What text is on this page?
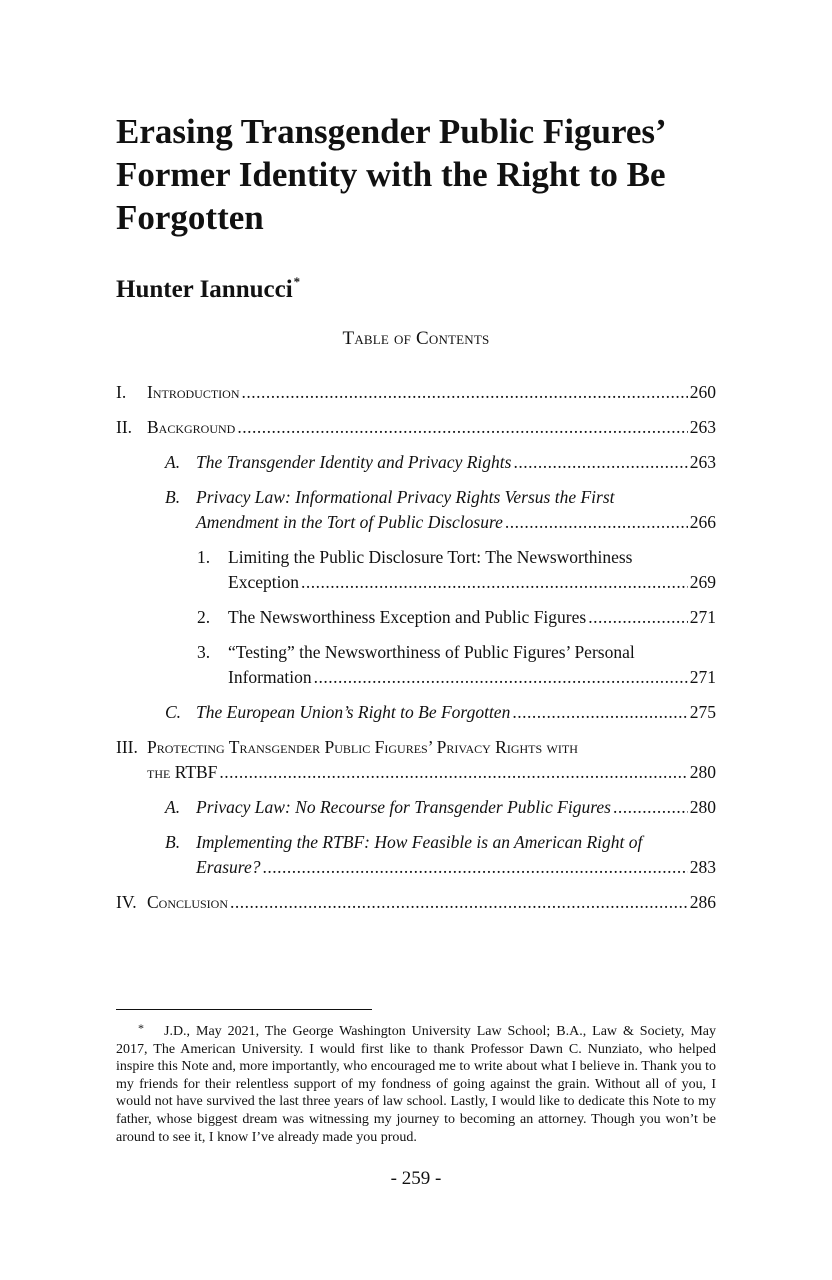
Erasing Transgender Public Figures’ Former Identity with the Right to Be Forgotten
Hunter Iannucci*
Table of Contents
I. Introduction .....	260
II. Background .....	263
A. The Transgender Identity and Privacy Rights .....	263
B. Privacy Law: Informational Privacy Rights Versus the First
Amendment in the Tort of Public Disclosure .....	266
1. Limiting the Public Disclosure Tort: The Newsworthiness
Exception .....	269
2. The Newsworthiness Exception and Public Figures .....	271
3. “Testing” the Newsworthiness of Public Figures’ Personal
Information .....	271
C. The European Union’s Right to Be Forgotten .....	275
III. Protecting Transgender Public Figures’ Privacy Rights with
the RTBF .....	280
A. Privacy Law: No Recourse for Transgender Public Figures .....	280
B. Implementing the RTBF: How Feasible is an American Right of
Erasure? .....	283
IV. Conclusion .....	286

* J.D., May 2021, The George Washington University Law School; B.A., Law & Society, May 2017, The American University. I would first like to thank Professor Dawn C. Nunziato, who helped inspire this Note and, more importantly, who encouraged me to write about what I believe in. Thank you to my friends for their relentless support of my fondness of going against the grain. Without all of you, I would not have survived the last three years of law school. Lastly, I would like to dedicate this Note to my father, whose biggest dream was witnessing my journey to becoming an attorney. Though you won’t be around to see it, I know I’ve already made you proud.

- 259 -
